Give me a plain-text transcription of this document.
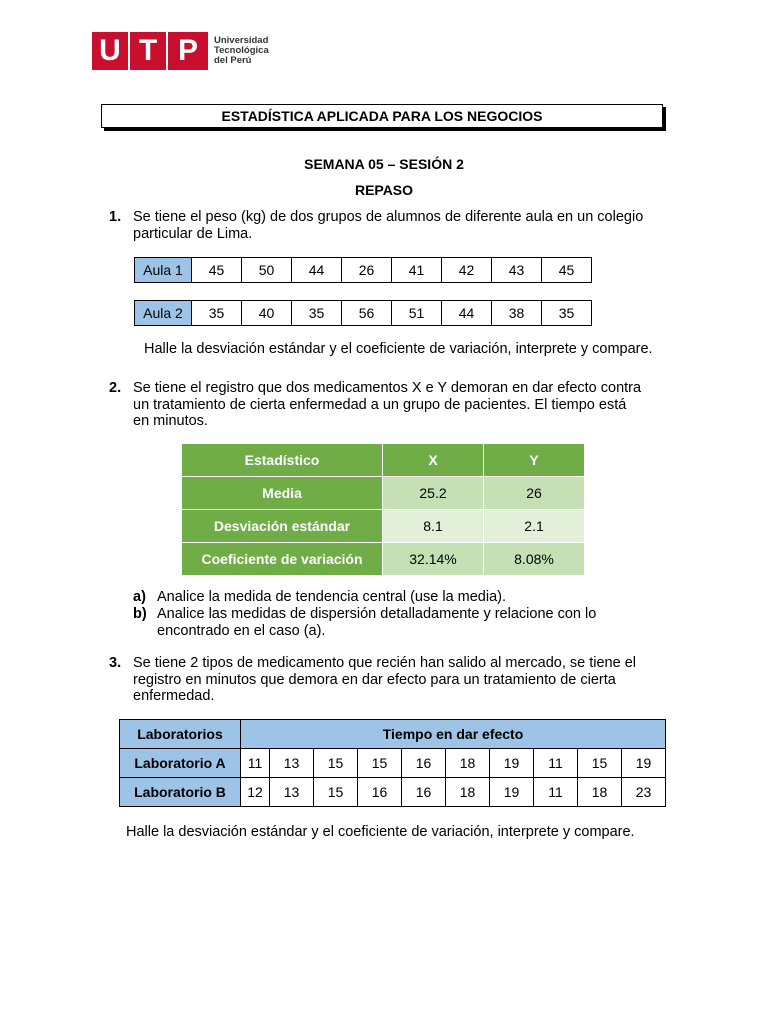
U T P	Universidad
Tecnológica
del Perú
ESTADÍSTICA APLICADA PARA LOS NEGOCIOS
SEMANA 05 – SESIÓN 2
REPASO
1. Se tiene el peso (kg) de dos grupos de alumnos de diferente aula en un colegio
particular de Lima.
Aula 1	45	50	44	26	41	42	43	45
Aula 2	35	40	35	56	51	44	38	35
Halle la desviación estándar y el coeficiente de variación, interprete y compare.
2. Se tiene el registro que dos medicamentos X e Y demoran en dar efecto contra
un tratamiento de cierta enfermedad a un grupo de pacientes. El tiempo está
en minutos.
Estadístico	X	Y
Media	25.2	26
Desviación estándar	8.1	2.1
Coeficiente de variación	32.14%	8.08%
a) Analice la medida de tendencia central (use la media).
b) Analice las medidas de dispersión detalladamente y relacione con lo
encontrado en el caso (a).
3. Se tiene 2 tipos de medicamento que recién han salido al mercado, se tiene el
registro en minutos que demora en dar efecto para un tratamiento de cierta
enfermedad.
Laboratorios	Tiempo en dar efecto									
Laboratorio A	11	13	15	15	16	18	19	11	15	19
Laboratorio B	12	13	15	16	16	18	19	11	18	23
Halle la desviación estándar y el coeficiente de variación, interprete y compare.
